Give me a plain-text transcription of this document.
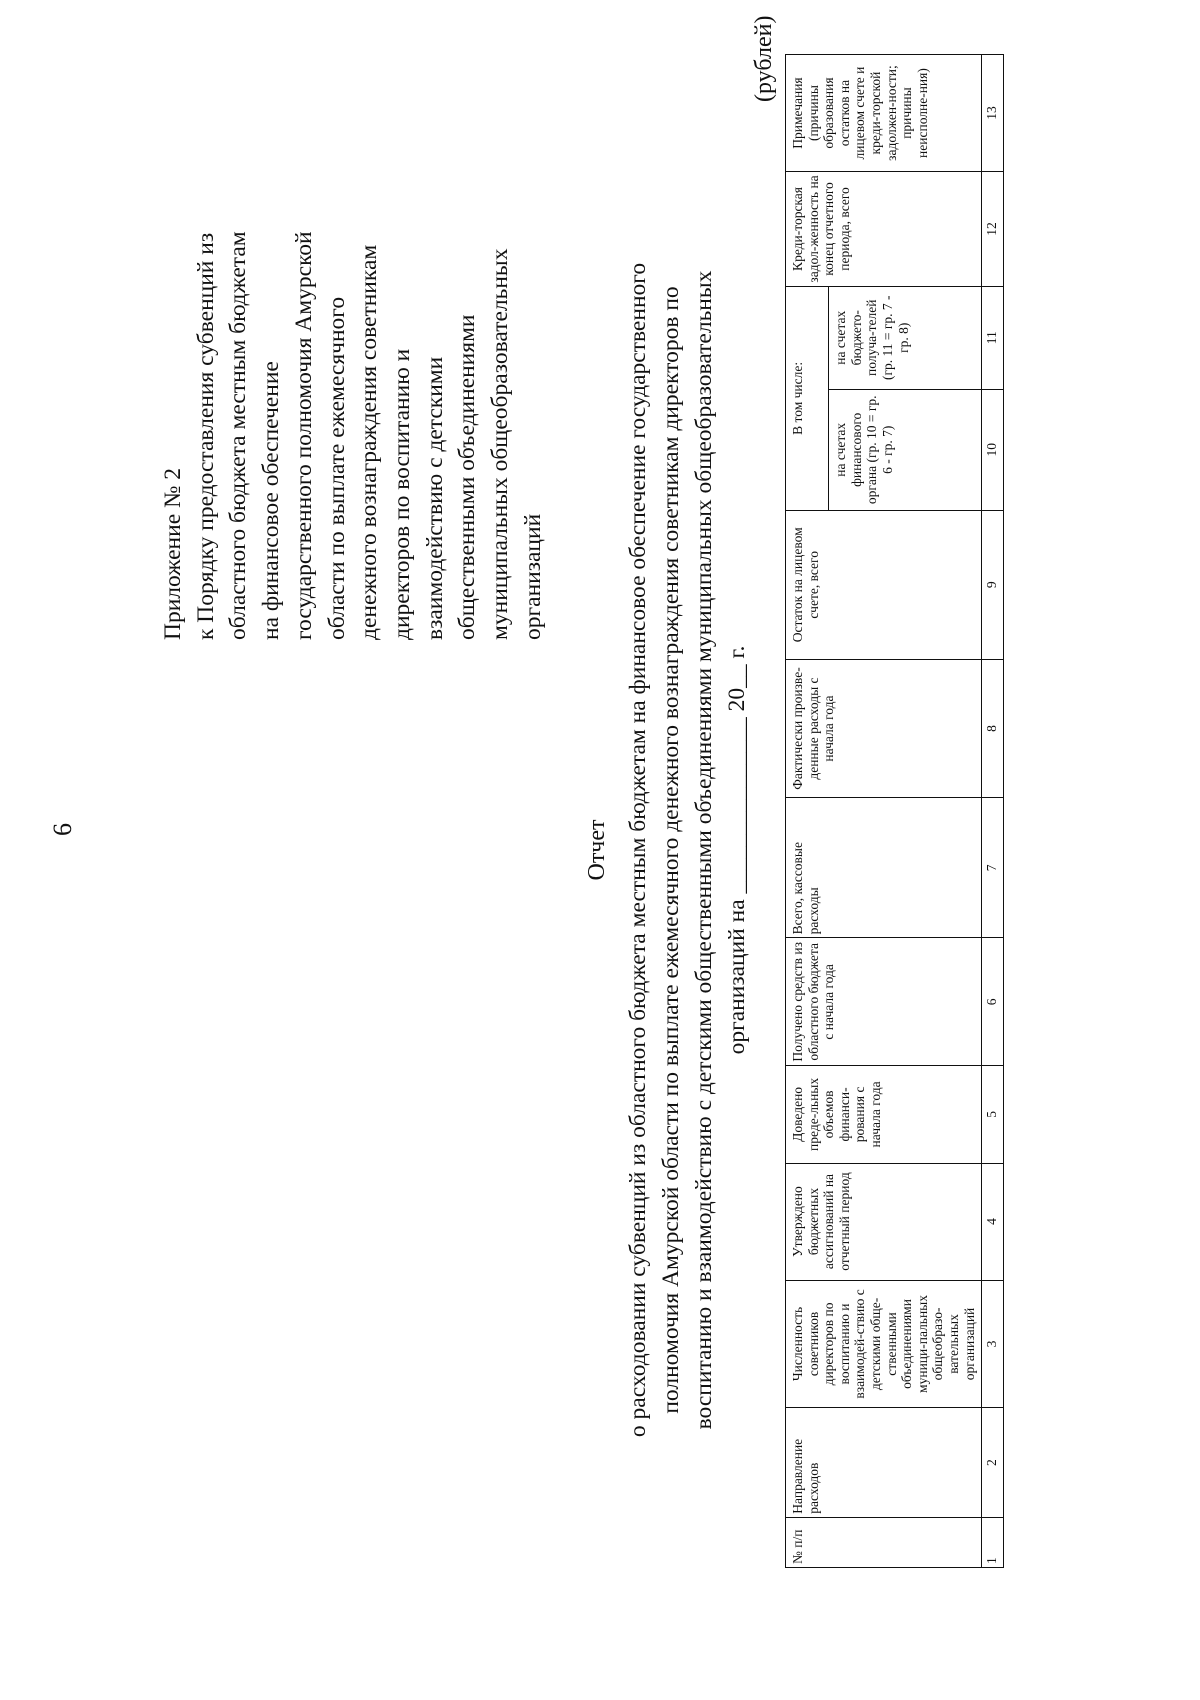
6
Приложение № 2 к Порядку предоставления субвенций из областного бюджета местным бюджетам на финансовое обеспечение государственного полномочия Амурской области по выплате ежемесячного денежного вознаграждения советникам директоров по воспитанию и взаимодействию с детскими общественными объединениями муниципальных общеобразовательных организаций
Отчет о расходовании субвенций из областного бюджета местным бюджетам на финансовое обеспечение государственного полномочия Амурской области по выплате ежемесячного денежного вознаграждения советникам директоров по воспитанию и взаимодействию с детскими общественными объединениями муниципальных общеобразовательных организаций на _______________ 20__ г.
(рублей)
№ п/п	Направление расходов	Численность советников директоров по воспитанию и взаимодей-ствию с детскими обще-ственными объединениями муници-пальных общеобразо-вательных организаций	Утверждено бюджетных ассигнований на отчетный период	Доведено преде-льных объемов финанси-рования с начала года	Получено средств из областного бюджета с начала года	Всего, кассовые расходы	Фактически произве-денные расходы с начала года	Остаток на лицевом счете, всего	В том числе:		Креди-торская задол-женность на конец отчетного периода, всего	Примечания (причины образования остатков на лицевом счете и креди-торской задолжен-ности; причины неисполне-ния)
									на счетах финансового органа (гр. 10 = гр. 6 - гр. 7)	на счетах бюджето-получа-телей (гр. 11 = гр. 7 - гр. 8)		
1	2	3	4	5	6	7	8	9	10	11	12	13
